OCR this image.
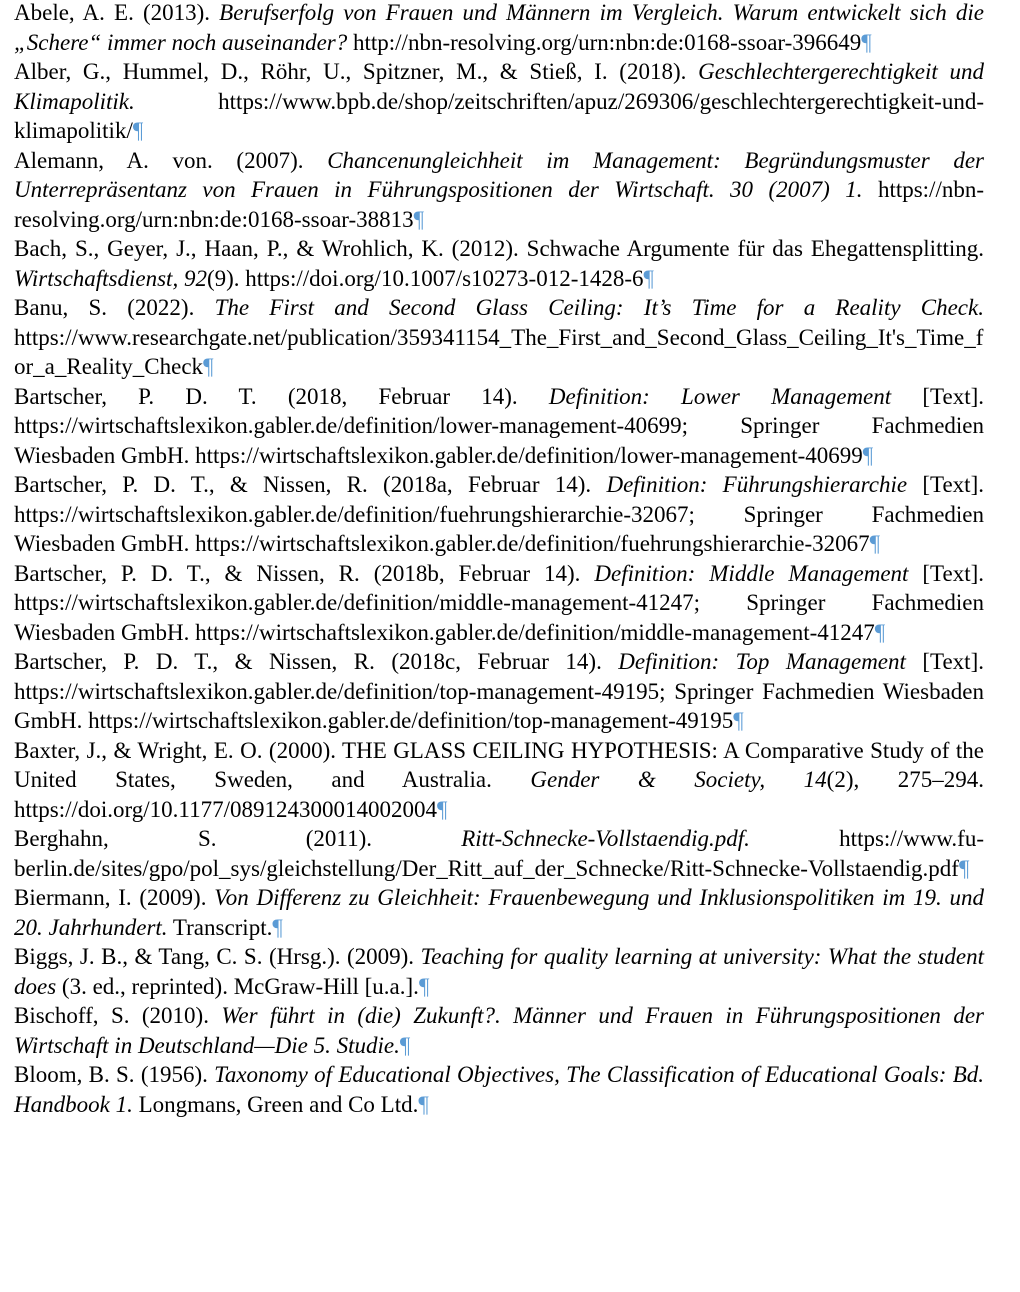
Abele, A. E. (2013). Berufserfolg von Frauen und Männern im Vergleich. Warum entwickelt sich die „Schere“ immer noch auseinander? http://nbn-resolving.org/urn:nbn:de:0168-ssoar-396649¶

Alber, G., Hummel, D., Röhr, U., Spitzner, M., & Stieß, I. (2018). Geschlechtergerechtigkeit und Klimapolitik. https://www.bpb.de/shop/zeitschriften/apuz/269306/geschlechtergerechtigkeit-und-klimapolitik/¶

Alemann, A. von. (2007). Chancenungleichheit im Management: Begründungsmuster der Unterrepräsentanz von Frauen in Führungspositionen der Wirtschaft. 30 (2007) 1. https://nbn-resolving.org/urn:nbn:de:0168-ssoar-38813¶

Bach, S., Geyer, J., Haan, P., & Wrohlich, K. (2012). Schwache Argumente für das Ehegattensplitting. Wirtschaftsdienst, 92(9). https://doi.org/10.1007/s10273-012-1428-6¶

Banu, S. (2022). The First and Second Glass Ceiling: It’s Time for a Reality Check. https://www.researchgate.net/publication/359341154_The_First_and_Second_Glass_Ceiling_It's_Time_for_a_Reality_Check¶

Bartscher, P. D. T. (2018, Februar 14). Definition: Lower Management [Text]. https://wirtschaftslexikon.gabler.de/definition/lower-management-40699; Springer Fachmedien Wiesbaden GmbH. https://wirtschaftslexikon.gabler.de/definition/lower-management-40699¶

Bartscher, P. D. T., & Nissen, R. (2018a, Februar 14). Definition: Führungshierarchie [Text]. https://wirtschaftslexikon.gabler.de/definition/fuehrungshierarchie-32067; Springer Fachmedien Wiesbaden GmbH. https://wirtschaftslexikon.gabler.de/definition/fuehrungshierarchie-32067¶

Bartscher, P. D. T., & Nissen, R. (2018b, Februar 14). Definition: Middle Management [Text]. https://wirtschaftslexikon.gabler.de/definition/middle-management-41247; Springer Fachmedien Wiesbaden GmbH. https://wirtschaftslexikon.gabler.de/definition/middle-management-41247¶

Bartscher, P. D. T., & Nissen, R. (2018c, Februar 14). Definition: Top Management [Text]. https://wirtschaftslexikon.gabler.de/definition/top-management-49195; Springer Fachmedien Wiesbaden GmbH. https://wirtschaftslexikon.gabler.de/definition/top-management-49195¶

Baxter, J., & Wright, E. O. (2000). THE GLASS CEILING HYPOTHESIS: A Comparative Study of the United States, Sweden, and Australia. Gender & Society, 14(2), 275–294. https://doi.org/10.1177/089124300014002004¶

Berghahn, S. (2011). Ritt-Schnecke-Vollstaendig.pdf. https://www.fu-berlin.de/sites/gpo/pol_sys/gleichstellung/Der_Ritt_auf_der_Schnecke/Ritt-Schnecke-Vollstaendig.pdf¶

Biermann, I. (2009). Von Differenz zu Gleichheit: Frauenbewegung und Inklusionspolitiken im 19. und 20. Jahrhundert. Transcript.¶

Biggs, J. B., & Tang, C. S. (Hrsg.). (2009). Teaching for quality learning at university: What the student does (3. ed., reprinted). McGraw-Hill [u.a.].¶

Bischoff, S. (2010). Wer führt in (die) Zukunft?. Männer und Frauen in Führungspositionen der Wirtschaft in Deutschland—Die 5. Studie.¶

Bloom, B. S. (1956). Taxonomy of Educational Objectives, The Classification of Educational Goals: Bd. Handbook 1. Longmans, Green and Co Ltd.¶
